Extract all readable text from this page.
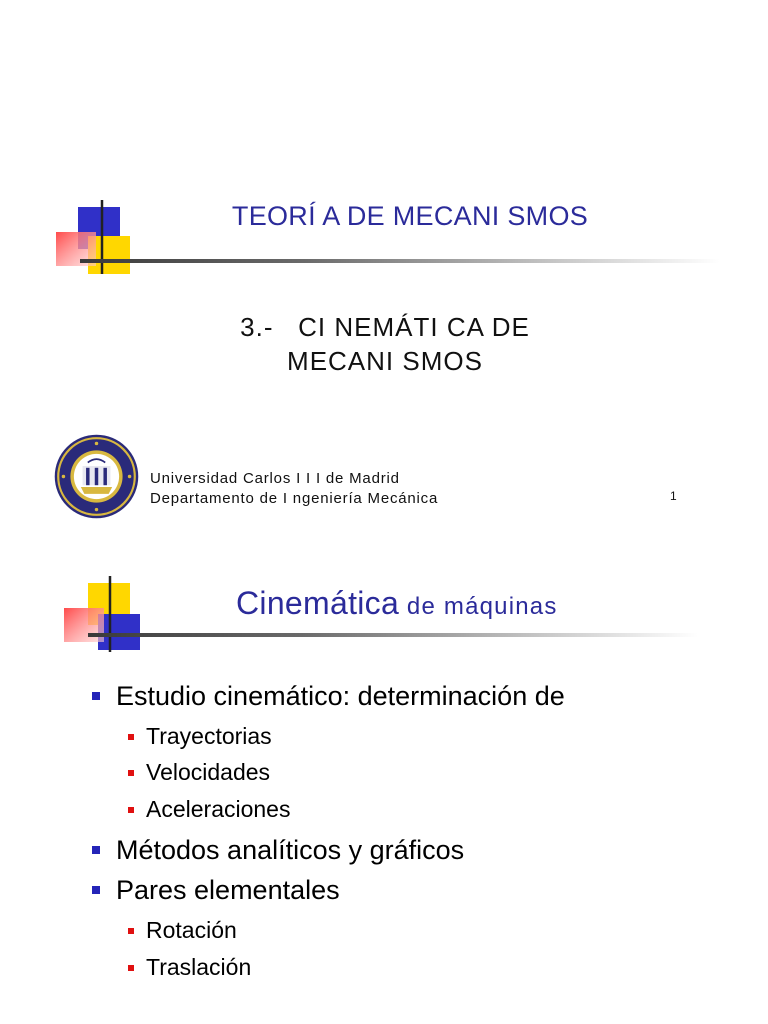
TEORÍ A DE MECANI SMOS
3.-   CI NEMÁTI CA DE
MECANI SMOS
Universidad Carlos I I I de Madrid
Departamento de I ngeniería Mecánica	1
Cinemática de máquinas
Estudio cinemático: determinación de
Trayectorias
Velocidades
Aceleraciones
Métodos analíticos y gráficos
Pares elementales
Rotación
Traslación
